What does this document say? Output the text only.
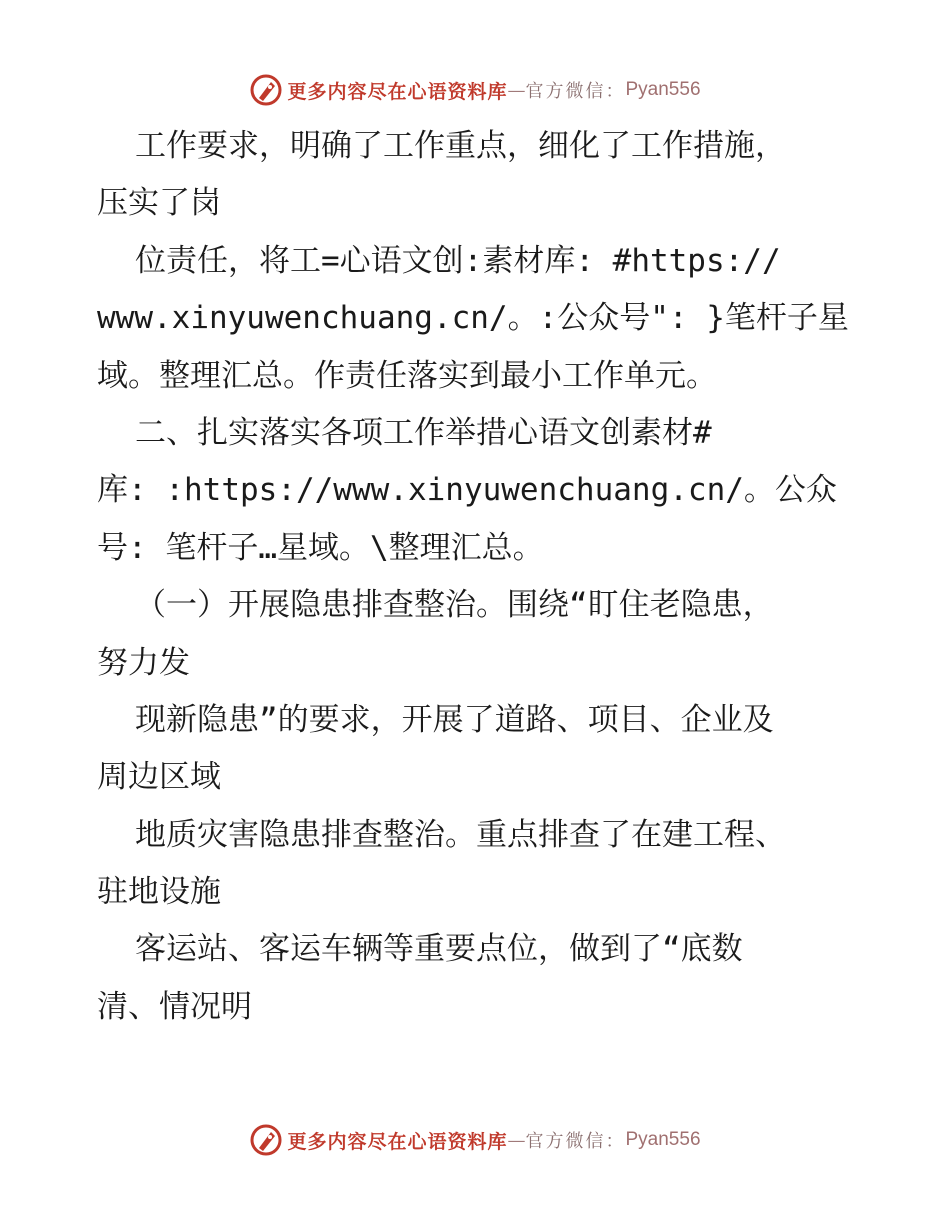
更多内容尽在心语资料库 — 官方微信： Pyan556
工作要求，明确了工作重点，细化了工作措施，
压实了岗
位责任，将工=心语文创:素材库: #https://
www.xinyuwenchuang.cn/。:公众号": }笔杆子星
域。整理汇总。作责任落实到最小工作单元。
二、扎实落实各项工作举措心语文创素材#
库: :https://www.xinyuwenchuang.cn/。公众
号: 笔杆子…星域。\整理汇总。
（一）开展隐患排查整治。围绕“盯住老隐患，
努力发
现新隐患”的要求，开展了道路、项目、企业及
周边区域
地质灾害隐患排查整治。重点排查了在建工程、
驻地设施
客运站、客运车辆等重要点位，做到了“底数
清、情况明
更多内容尽在心语资料库 — 官方微信： Pyan556
